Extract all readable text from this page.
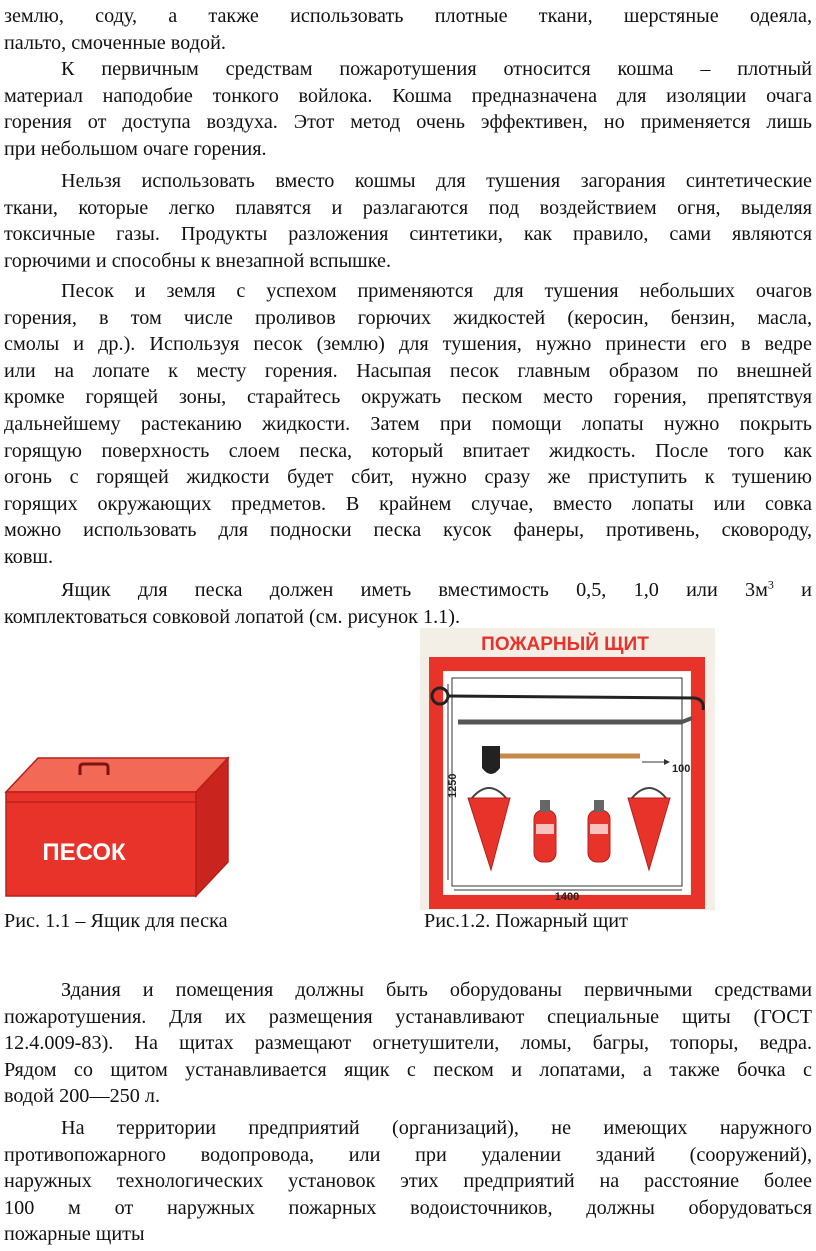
землю, соду, а также использовать плотные ткани, шерстяные одеяла,
пальто, смоченные водой.
К первичным средствам пожаротушения относится кошма – плотный
материал наподобие тонкого войлока. Кошма предназначена для изоляции очага
горения от доступа воздуха. Этот метод очень эффективен, но применяется лишь
при небольшом очаге горения.
Нельзя использовать вместо кошмы для тушения загорания синтетические
ткани, которые легко плавятся и разлагаются под воздействием огня, выделяя
токсичные газы. Продукты разложения синтетики, как правило, сами являются
горючими и способны к внезапной вспышке.
Песок и земля с успехом применяются для тушения небольших очагов
горения, в том числе проливов горючих жидкостей (керосин, бензин, масла,
смолы и др.). Используя песок (землю) для тушения, нужно принести его в ведре
или на лопате к месту горения. Насыпая песок главным образом по внешней
кромке горящей зоны, старайтесь окружать песком место горения, препятствуя
дальнейшему растеканию жидкости. Затем при помощи лопаты нужно покрыть
горящую поверхность слоем песка, который впитает жидкость. После того как
огонь с горящей жидкости будет сбит, нужно сразу же приступить к тушению
горящих окружающих предметов. В крайнем случае, вместо лопаты или совка
можно использовать для подноски песка кусок фанеры, противень, сковороду,
ковш.
Ящик для песка должен иметь вместимость 0,5, 1,0 или $3м^3$ и
комплектоваться совковой лопатой (см. рисунок 1.1).
ПЕСОК
ПОЖАРНЫЙ ЩИТ
100
1250
1400
Рис. 1.1 – Ящик для песка	Рис.1.2. Пожарный щит
Здания и помещения должны быть оборудованы первичными средствами
пожаротушения. Для их размещения устанавливают специальные щиты (ГОСТ
12.4.009-83). На щитах размещают огнетушители, ломы, багры, топоры, ведра.
Рядом со щитом устанавливается ящик с песком и лопатами, а также бочка с
водой 200—250 л.
На территории предприятий (организаций), не имеющих наружного
противопожарного водопровода, или при удалении зданий (сооружений),
наружных технологических установок этих предприятий на расстояние более
100 м от наружных пожарных водоисточников, должны оборудоваться
пожарные щиты
